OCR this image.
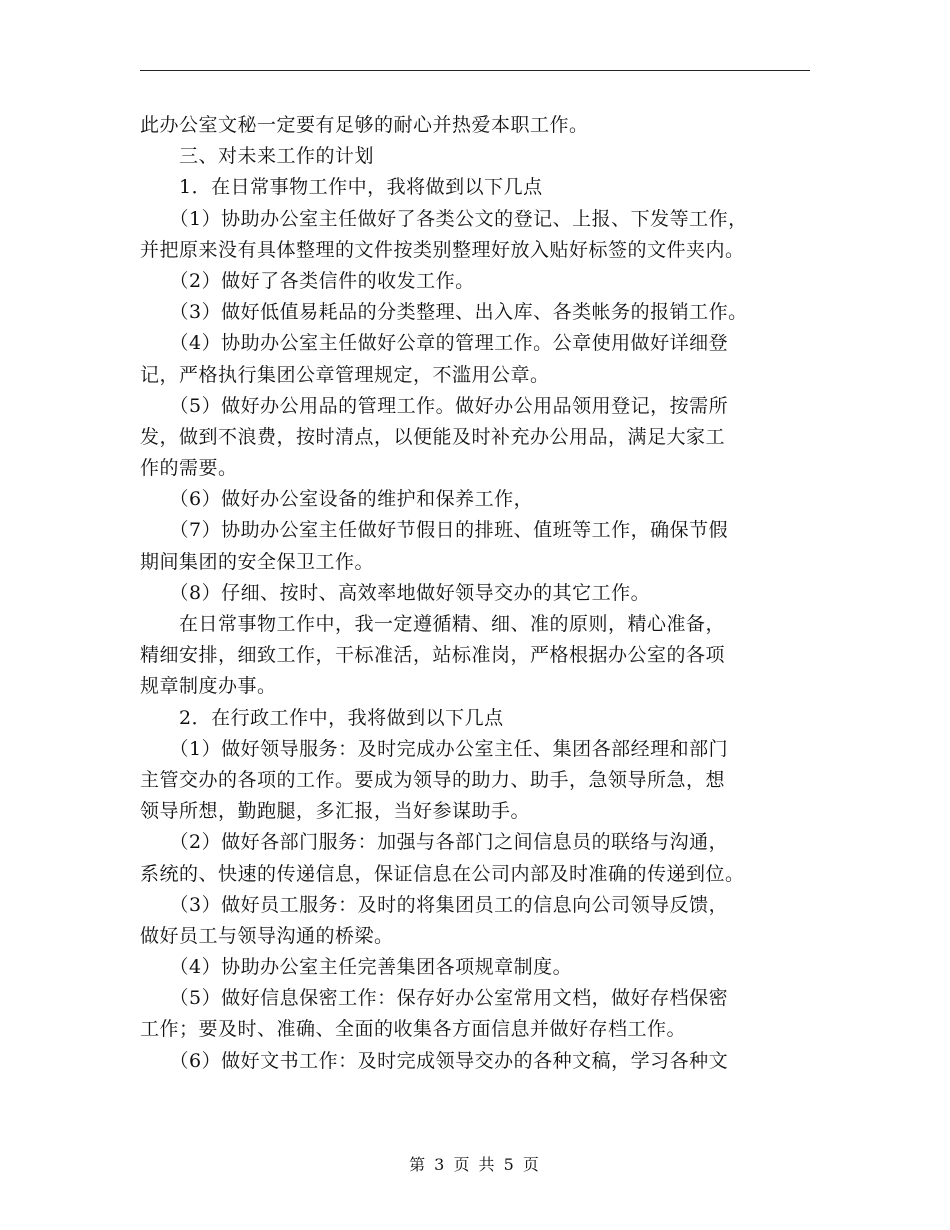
此办公室文秘一定要有足够的耐心并热爱本职工作。
　　三、对未来工作的计划
　　1．在日常事物工作中，我将做到以下几点
　　（1）协助办公室主任做好了各类公文的登记、上报、下发等工作，
并把原来没有具体整理的文件按类别整理好放入贴好标签的文件夹内。
　　（2）做好了各类信件的收发工作。
　　（3）做好低值易耗品的分类整理、出入库、各类帐务的报销工作。
　　（4）协助办公室主任做好公章的管理工作。公章使用做好详细登
记，严格执行集团公章管理规定，不滥用公章。
　　（5）做好办公用品的管理工作。做好办公用品领用登记，按需所
发，做到不浪费，按时清点，以便能及时补充办公用品，满足大家工
作的需要。
　　（6）做好办公室设备的维护和保养工作，
　　（7）协助办公室主任做好节假日的排班、值班等工作，确保节假
期间集团的安全保卫工作。
　　（8）仔细、按时、高效率地做好领导交办的其它工作。
　　在日常事物工作中，我一定遵循精、细、准的原则，精心准备，
精细安排，细致工作，干标准活，站标准岗，严格根据办公室的各项
规章制度办事。
　　2．在行政工作中，我将做到以下几点
　　（1）做好领导服务：及时完成办公室主任、集团各部经理和部门
主管交办的各项的工作。要成为领导的助力、助手，急领导所急，想
领导所想，勤跑腿，多汇报，当好参谋助手。
　　（2）做好各部门服务：加强与各部门之间信息员的联络与沟通，
系统的、快速的传递信息，保证信息在公司内部及时准确的传递到位。
　　（3）做好员工服务：及时的将集团员工的信息向公司领导反馈，
做好员工与领导沟通的桥梁。
　　（4）协助办公室主任完善集团各项规章制度。
　　（5）做好信息保密工作：保存好办公室常用文档，做好存档保密
工作；要及时、准确、全面的收集各方面信息并做好存档工作。
　　（6）做好文书工作：及时完成领导交办的各种文稿，学习各种文
第 3 页 共 5 页
